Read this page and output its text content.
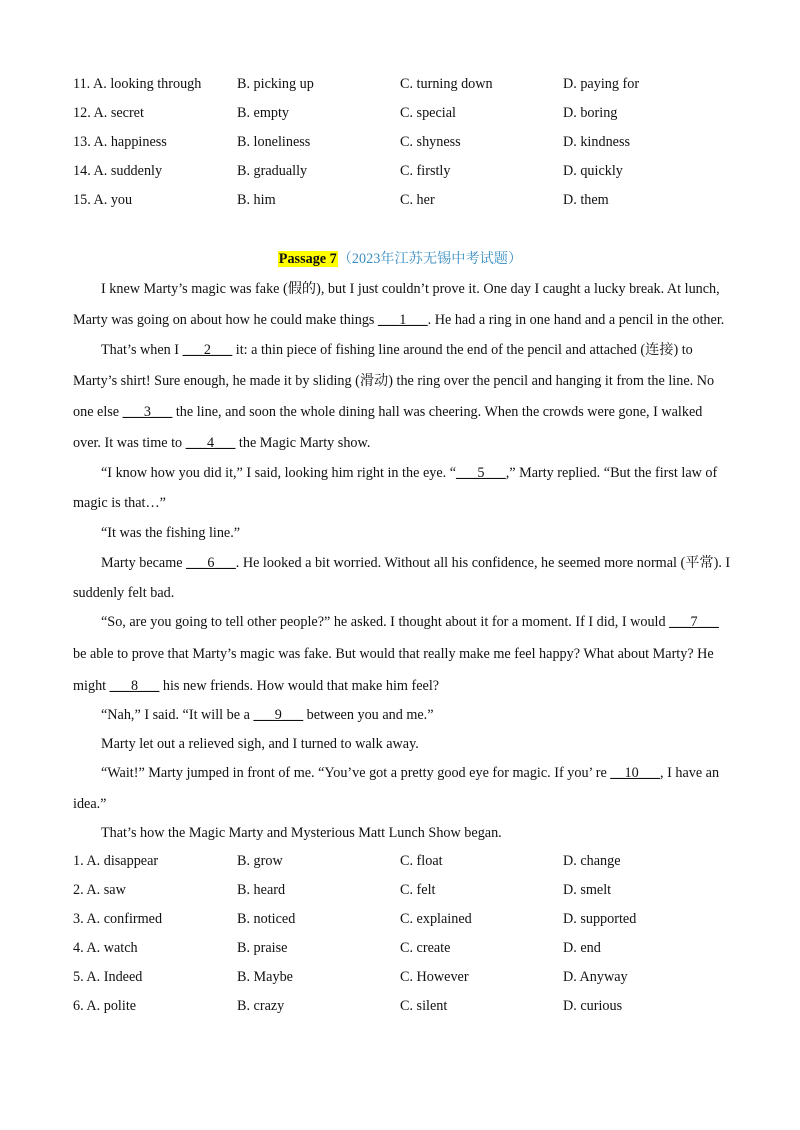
11. A. looking through	B. picking up	C. turning down	D. paying for
12. A. secret	B. empty	C. special	D. boring
13. A. happiness	B. loneliness	C. shyness	D. kindness
14. A. suddenly	B. gradually	C. firstly	D. quickly
15. A. you	B. him	C. her	D. them
Passage 7（2023年江苏无锡中考试题）
I knew Marty’s magic was fake (假的), but I just couldn’t prove it. One day I caught a lucky break. At lunch,
Marty was going on about how he could make things ___1___. He had a ring in one hand and a pencil in the other.
That’s when I ___2___ it: a thin piece of fishing line around the end of the pencil and attached (连接) to
Marty’s shirt! Sure enough, he made it by sliding (滑动) the ring over the pencil and hanging it from the line. No
one else ___3___ the line, and soon the whole dining hall was cheering. When the crowds were gone, I walked
over. It was time to ___4___ the Magic Marty show.
“I know how you did it,” I said, looking him right in the eye. “___5___,” Marty replied. “But the first law of
magic is that…”
“It was the fishing line.”
Marty became ___6___. He looked a bit worried. Without all his confidence, he seemed more normal (平常). I
suddenly felt bad.
“So, are you going to tell other people?” he asked. I thought about it for a moment. If I did, I would ___7___
be able to prove that Marty’s magic was fake. But would that really make me feel happy? What about Marty? He
might ___8___ his new friends. How would that make him feel?
“Nah,” I said. “It will be a ___9___ between you and me.”
Marty let out a relieved sigh, and I turned to walk away.
“Wait!” Marty jumped in front of me. “You’ve got a pretty good eye for magic. If you’ re __10___, I have an
idea.”
That’s how the Magic Marty and Mysterious Matt Lunch Show began.
1. A. disappear	B. grow	C. float	D. change
2. A. saw	B. heard	C. felt	D. smelt
3. A. confirmed	B. noticed	C. explained	D. supported
4. A. watch	B. praise	C. create	D. end
5. A. Indeed	B. Maybe	C. However	D. Anyway
6. A. polite	B. crazy	C. silent	D. curious
